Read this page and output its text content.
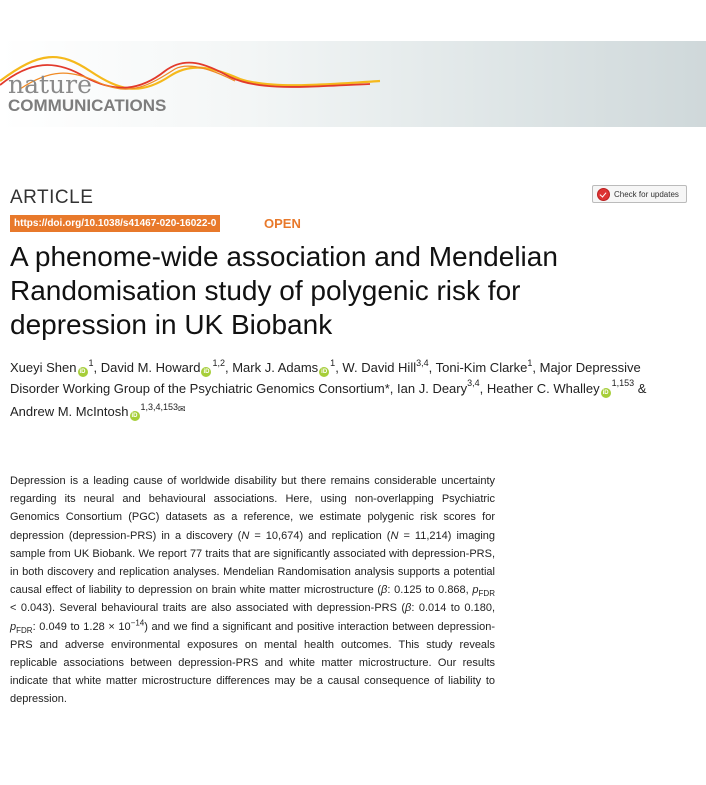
nature
COMMUNICATIONS
ARTICLE	Check for updates
https://doi.org/10.1038/s41467-020-16022-0	OPEN
A phenome-wide association and Mendelian Randomisation study of polygenic risk for depression in UK Biobank
Xueyi Shen $iD^1$, David M. Howard iD$^{1,2}$, Mark J. Adams $iD^1$, W. David Hill$^{3,4}$, Toni-Kim Clarke$^1$, Major Depressive Disorder Working Group of the Psychiatric Genomics Consortium*, Ian J. Deary$^{3,4}$, Heather C. Whalley iD$^{1,153}$ & Andrew M. McIntosh $iD^{1,3,4,153✉}$
Depression is a leading cause of worldwide disability but there remains considerable uncertainty regarding its neural and behavioural associations. Here, using non-overlapping Psychiatric Genomics Consortium (PGC) datasets as a reference, we estimate polygenic risk scores for depression (depression-PRS) in a discovery (N = 10,674) and replication (N = 11,214) imaging sample from UK Biobank. We report 77 traits that are significantly associated with depression-PRS, in both discovery and replication analyses. Mendelian Randomisation analysis supports a potential causal effect of liability to depression on brain white matter microstructure (β: 0.125 to 0.868, $p_{FDR} < 0.043$). Several behavioural traits are also associated with depression-PRS (β: 0.014 to 0.180, $p_{FDR}$: 0.049 to $1.28 \times 10^{-14}$) and we find a significant and positive interaction between depression-PRS and adverse environmental exposures on mental health outcomes. This study reveals replicable associations between depression-PRS and white matter microstructure. Our results indicate that white matter microstructure differences may be a causal consequence of liability to depression.
